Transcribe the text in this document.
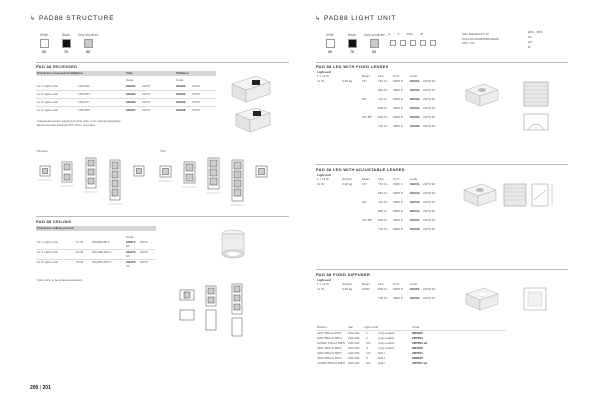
↳ PAD88 STRUCTURE
White
20
Black
70
Grey anodised
93
PAD 88 RECESSED
Frame for recessed installation	Trim	Trimless
Code	Code
for 1 optic units	102x102	9G901. 20/70	9G904. 20/70
for 2 optic units	102x184	9G902. 20/70	9G905. 20/70
for 3 optic units	102x277	9G903. 20/70	9G906. 20/70
for 4 optic units	102x359	9G907. 20/70	9G908. 20/70
Independent power supply and optic units, to be ordered separately.
Recommended thickness 8.5 / 8mm. Cut holes
Trimless	Trim
PAD 88 CEILING
Frame for ceiling version
Code
for 1 optic units	11 W	96x98x150 h	9G971. 20/70
93
for 2 optic units	22 W	96x180x150 h	9G972. 20/70
93
for 3 optic units	33 W	96x265x150 h	9G973. 20/70
93
Optic units, to be ordered separately.
200 | 201
↳ PAD88 LIGHT UNIT
White
20
Black
70
Grey anodised
93
IL F IP20 IP	Max Ra≥90/CCT W
UNI-CRI 3000/3500/4000K
CRI > 90
Ø15 - Ø64
93
20°
Ø
PAD 88 LED WITH FIXED LENSES
Light unit
1 x 11 W	Beam	Flux	CCT	Code
11 W	0.28 kg	15°	710 lm 3000 K 9G031. 20/70 93
810 lm 4000 K 9G032. 20/70 93
28°	710 lm 3000 K 9G033. 20/70 93
800 lm 4000 K 9G034. 20/70 93
48°-58° 640 lm 3000 K 9G035. 20/70 93
720 lm 4000 K 9G036. 20/70 93
PAD 88 LED WITH ADJUSTABLE LENSES
Light unit
1 x 11 W	Weight	Beam	Flux	CCT	Code
11 W	0.28 kg	15°	710 lm 3000 K 9G041. 20/70 93
810 lm 4000 K 9G042. 20/70 93
28°	710 lm 3000 K 9G043. 20/70 93
800 lm 4000 K 9G044. 20/70 93
48°-58° 640 lm 3000 K 9G045. 20/70 93
720 lm 4000 K 9G046. 20/70 93
PAD 88 FIXED DIFFUSER
Light unit
1 x 11 W	Weight	Beam	Flux	CCT	Code
11 W	0.28 kg	2x68°	620 lm 3000 K 9G051. 20/70 93
700 lm 4000 K 9G052. 20/70 93
Drivers	Vac	Light units	Code
11W 350mA 50Hz 220-240 1	(not) enable	9B1990
20W 350mA 50Hz 220-240 2	(not) enable	2B7050
2x20W 350mA 50Hz 220-240 3/4 (not) enable	2B7050 x2
36W 350mA 50Hz 220-240 3	(not) enable	9B7060
20W 350mA 50Hz 220-240 1/2 DALI	2B7051
36W 350mA 50Hz 220-240 3	DALI	9B8020
2x20W 350mA 50Hz 220-240 3/4 DALI	2B7051 x2
